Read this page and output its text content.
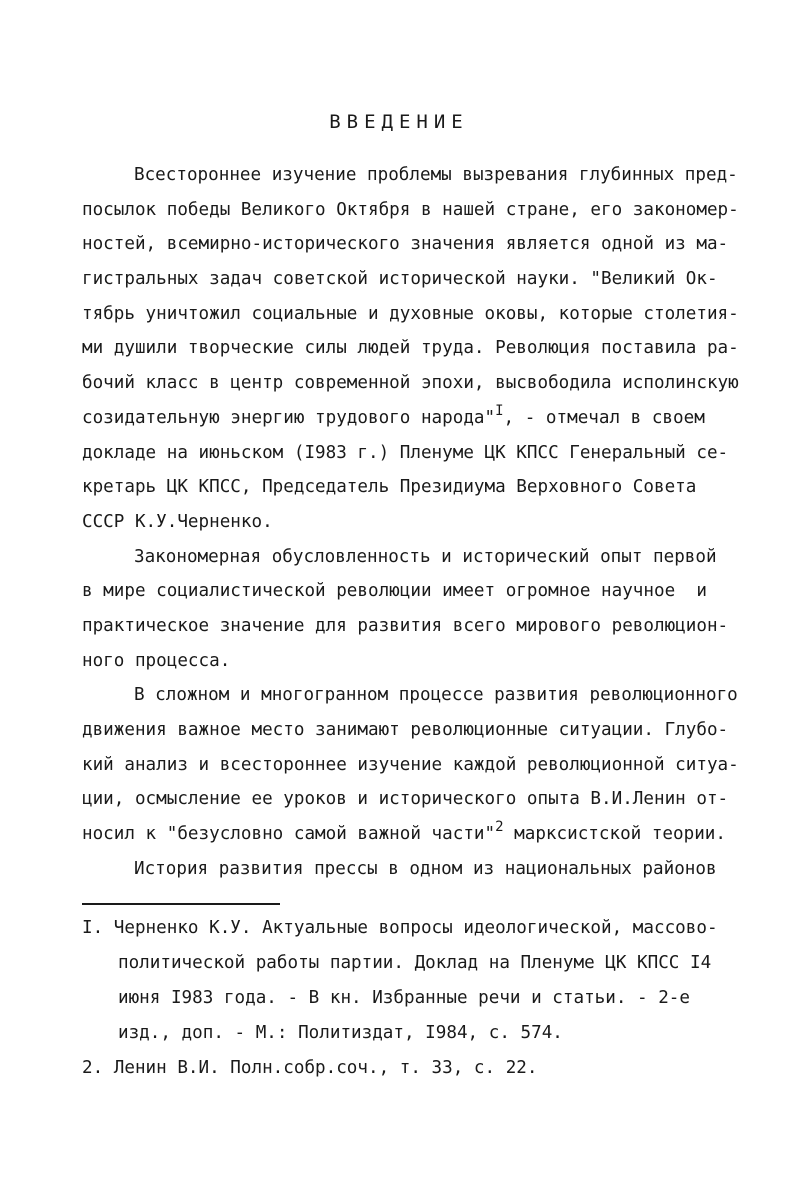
ВВЕДЕНИЕ
Всестороннее изучение проблемы вызревания глубинных пред-
посылок победы Великого Октября в нашей стране, его закономер-
ностей, всемирно-исторического значения является одной из ма-
гистральных задач советской исторической науки. "Великий Ок-
тябрь уничтожил социальные и духовные оковы, которые столетия-
ми душили творческие силы людей труда. Революция поставила ра-
бочий класс в центр современной эпохи, высвободила исполинскую
созидательную энергию трудового народа"$^I$, - отмечал в своем
докладе на июньском (I983 г.) Пленуме ЦК КПСС Генеральный се-
кретарь ЦК КПСС, Председатель Президиума Верховного Совета
СССР К.У.Черненко.
Закономерная обусловленность и исторический опыт первой
в мире социалистической революции имеет огромное научное  и
практическое значение для развития всего мирового революцион-
ного процесса.
В сложном и многогранном процессе развития революционного
движения важное место занимают революционные ситуации. Глубо-
кий анализ и всестороннее изучение каждой революционной ситуа-
ции, осмысление ее уроков и исторического опыта В.И.Ленин от-
носил к "безусловно самой важной части"$^2$ марксистской теории.
История развития прессы в одном из национальных районов
I. Черненко К.У. Актуальные вопросы идеологической, массово-
политической работы партии. Доклад на Пленуме ЦК КПСС I4
июня I983 года. - В кн. Избранные речи и статьи. - 2-е
изд., доп. - М.: Политиздат, I984, с. 574.
2. Ленин В.И. Полн.собр.соч., т. 33, с. 22.
